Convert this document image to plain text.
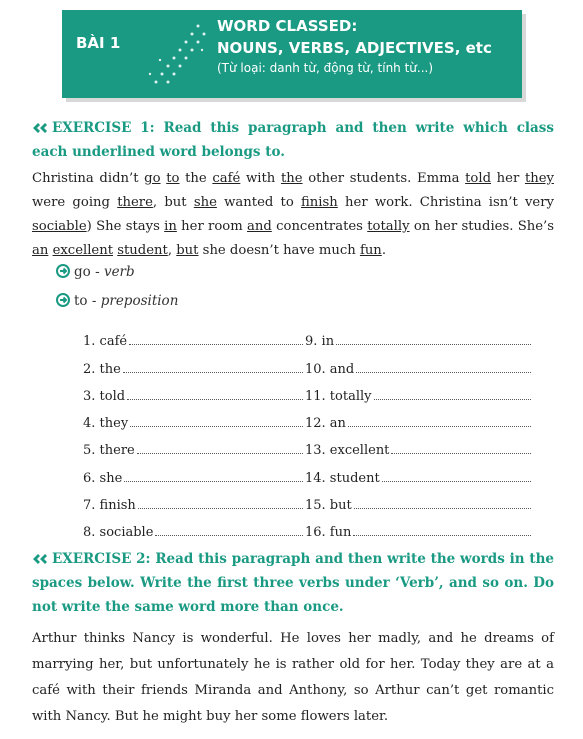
BÀI 1
WORD CLASSED:
NOUNS, VERBS, ADJECTIVES, etc
(Từ loại: danh từ, động từ, tính từ...)
EXERCISE 1: Read this paragraph and then write which class each underlined word belongs to.
Christina didn’t go to the café with the other students. Emma told her they were going there, but she wanted to finish her work. Christina isn’t very sociable) She stays in her room and concentrates totally on her studies. She’s an excellent student, but she doesn’t have much fun.
go - verb
to - preposition
1. café	9. in
2. the	10. and
3. told	11. totally
4. they	12. an
5. there	13. excellent
6. she	14. student
7. finish	15. but
8. sociable	16. fun
EXERCISE 2: Read this paragraph and then write the words in the spaces below. Write the first three verbs under ‘Verb’, and so on. Do not write the same word more than once.
Arthur thinks Nancy is wonderful. He loves her madly, and he dreams of marrying her, but unfortunately he is rather old for her. Today they are at a café with their friends Miranda and Anthony, so Arthur can’t get romantic with Nancy. But he might buy her some flowers later.
